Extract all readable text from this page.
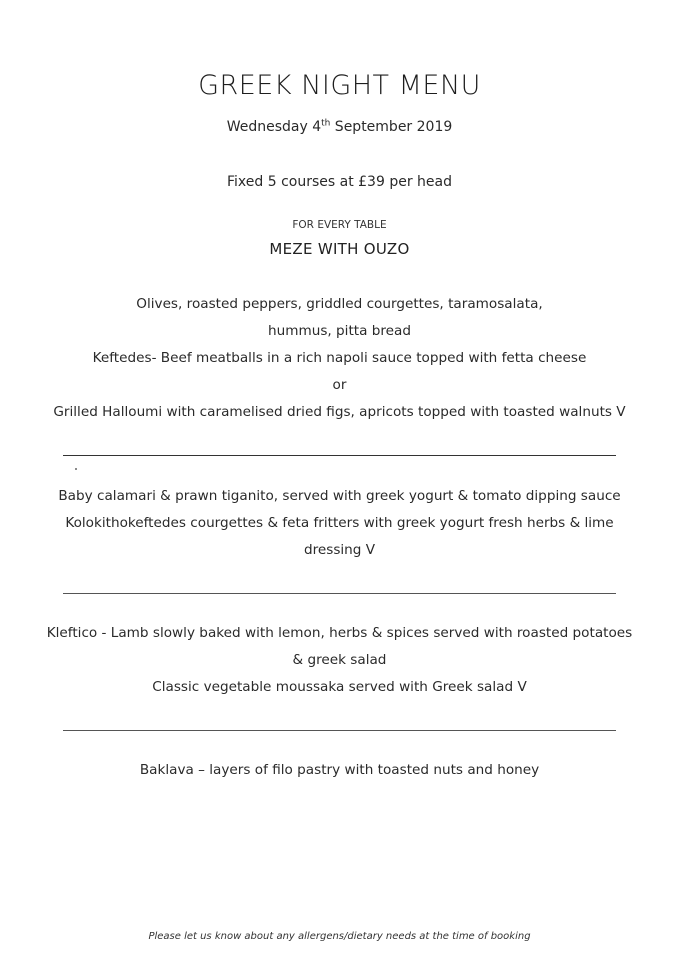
GREEK NIGHT MENU
Wednesday 4th September 2019
Fixed 5 courses at £39 per head
FOR EVERY TABLE
MEZE WITH OUZO
Olives, roasted peppers, griddled courgettes, taramosalata,
hummus, pitta bread
Keftedes- Beef meatballs in a rich napoli sauce topped with fetta cheese
or
Grilled Halloumi with caramelised dried figs, apricots topped with toasted walnuts V
Baby calamari & prawn tiganito, served with greek yogurt & tomato dipping sauce
Kolokithokeftedes courgettes & feta fritters with greek yogurt fresh herbs & lime
dressing V
Kleftico - Lamb slowly baked with lemon, herbs & spices served with roasted potatoes
& greek salad
Classic vegetable moussaka served with Greek salad V
Baklava – layers of filo pastry with toasted nuts and honey
Please let us know about any allergens/dietary needs at the time of booking
